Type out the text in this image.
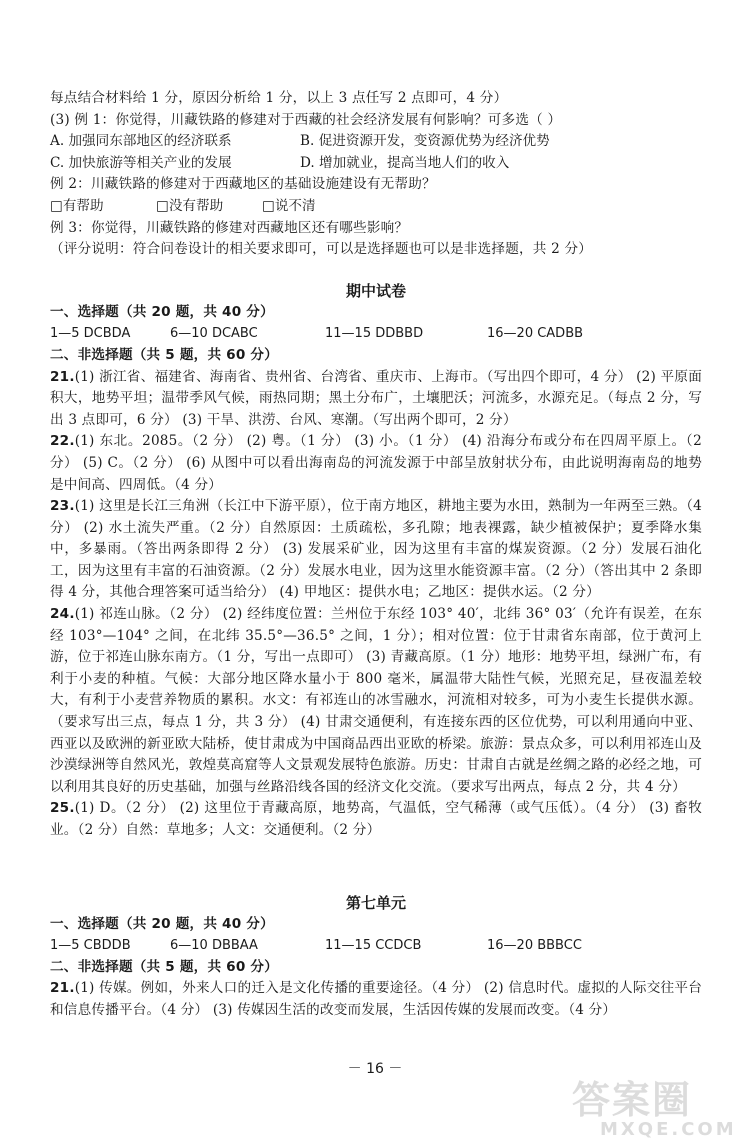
每点结合材料给 1 分，原因分析给 1 分，以上 3 点任写 2 点即可，4 分）
(3) 例 1：你觉得，川藏铁路的修建对于西藏的社会经济发展有何影响？可多选（ ）
A. 加强同东部地区的经济联系	B. 促进资源开发，变资源优势为经济优势
C. 加快旅游等相关产业的发展	D. 增加就业，提高当地人们的收入
例 2：川藏铁路的修建对于西藏地区的基础设施建设有无帮助？
□有帮助	□没有帮助	□说不清
例 3：你觉得，川藏铁路的修建对西藏地区还有哪些影响？
（评分说明：符合问卷设计的相关要求即可，可以是选择题也可以是非选择题，共 2 分）
期中试卷
一、选择题（共 20 题，共 40 分）
1—5 DCBDA	6—10 DCABC	11—15 DDBBD	16—20 CADBB
二、非选择题（共 5 题，共 60 分）
21.(1) 浙江省、福建省、海南省、贵州省、台湾省、重庆市、上海市。（写出四个即可，4 分） (2) 平原面积大，地势平坦；温带季风气候，雨热同期；黑土分布广，土壤肥沃；河流多，水源充足。（每点 2 分，写出 3 点即可，6 分） (3) 干旱、洪涝、台风、寒潮。（写出两个即可，2 分）
22.(1) 东北。2085。（2 分） (2) 粤。（1 分） (3) 小。（1 分） (4) 沿海分布或分布在四周平原上。（2 分） (5) C。（2 分） (6) 从图中可以看出海南岛的河流发源于中部呈放射状分布，由此说明海南岛的地势是中间高、四周低。（4 分）
23.(1) 这里是长江三角洲（长江中下游平原），位于南方地区，耕地主要为水田，熟制为一年两至三熟。（4 分） (2) 水土流失严重。（2 分）自然原因：土质疏松，多孔隙；地表裸露，缺少植被保护；夏季降水集中，多暴雨。（答出两条即得 2 分） (3) 发展采矿业，因为这里有丰富的煤炭资源。（2 分）发展石油化工，因为这里有丰富的石油资源。（2 分）发展水电业，因为这里水能资源丰富。（2 分）（答出其中 2 条即得 4 分，其他合理答案可适当给分） (4) 甲地区：提供水电；乙地区：提供水运。（2 分）
24.(1) 祁连山脉。（2 分） (2) 经纬度位置：兰州位于东经 103° 40′，北纬 36° 03′（允许有误差，在东经 103°—104° 之间，在北纬 35.5°—36.5° 之间，1 分）；相对位置：位于甘肃省东南部，位于黄河上游，位于祁连山脉东南方。（1 分，写出一点即可） (3) 青藏高原。（1 分）地形：地势平坦，绿洲广布，有利于小麦的种植。气候：大部分地区降水量小于 800 毫米，属温带大陆性气候，光照充足，昼夜温差较大，有利于小麦营养物质的累积。水文：有祁连山的冰雪融水，河流相对较多，可为小麦生长提供水源。（要求写出三点，每点 1 分，共 3 分） (4) 甘肃交通便利，有连接东西的区位优势，可以利用通向中亚、西亚以及欧洲的新亚欧大陆桥，使甘肃成为中国商品西出亚欧的桥梁。旅游：景点众多，可以利用祁连山及沙漠绿洲等自然风光，敦煌莫高窟等人文景观发展特色旅游。历史：甘肃自古就是丝绸之路的必经之地，可以利用其良好的历史基础，加强与丝路沿线各国的经济文化交流。（要求写出两点，每点 2 分，共 4 分）
25.(1) D。（2 分） (2) 这里位于青藏高原，地势高，气温低，空气稀薄（或气压低）。（4 分） (3) 畜牧业。（2 分）自然：草地多；人文：交通便利。（2 分）
第七单元
一、选择题（共 20 题，共 40 分）
1—5 CBDDB	6—10 DBBAA	11—15 CCDCB	16—20 BBBCC
二、非选择题（共 5 题，共 60 分）
21.(1) 传媒。例如，外来人口的迁入是文化传播的重要途径。（4 分） (2) 信息时代。虚拟的人际交往平台和信息传播平台。（4 分） (3) 传媒因生活的改变而发展，生活因传媒的发展而改变。（4 分）
－ 16 －
答案圈
MXQE.COM
